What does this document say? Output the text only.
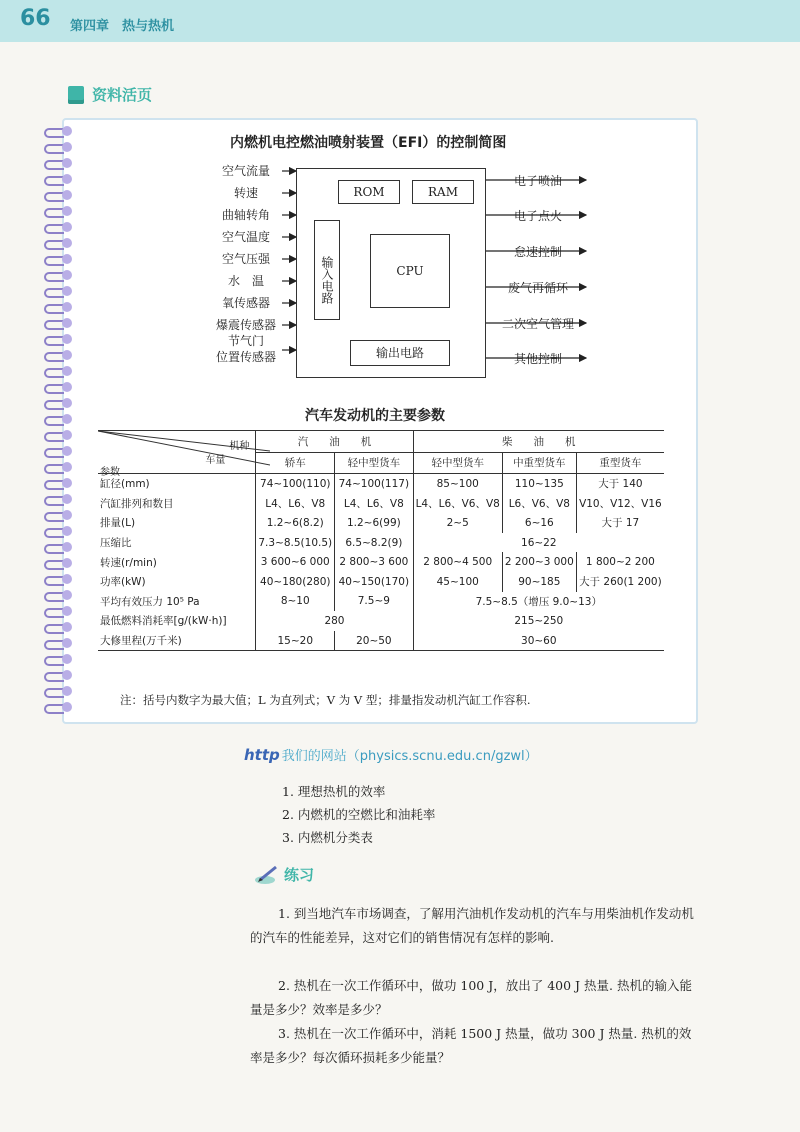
66 第四章　热与热机
资料活页
内燃机电控燃油喷射装置（EFI）的控制简图
ROM	RAM
CPU
输入电路
输出电路
空气流量
转速
曲轴转角
空气温度
空气压强
水　温
氧传感器
爆震传感器
节气门
位置传感器
电子喷油
电子点火
怠速控制
废气再循环
二次空气管理
其他控制
汽车发动机的主要参数
机种
车量
参数	汽　　油　　机		柴　　油　　机		
	轿车	轻中型货车	轻中型货车	中重型货车	重型货车
缸径(mm)	74~100(110)	74~100(117)	85~100	110~135	大于 140
汽缸排列和数目	L4、L6、V8	L4、L6、V8	L4、L6、V6、V8	L6、V6、V8	V10、V12、V16
排量(L)	1.2~6(8.2)	1.2~6(99)	2~5	6~16	大于 17
压缩比	7.3~8.5(10.5)	6.5~8.2(9)	16~22		
转速(r/min)	3 600~6 000	2 800~3 600	2 800~4 500	2 200~3 000	1 800~2 200
功率(kW)	40~180(280)	40~150(170)	45~100	90~185	大于 260(1 200)
平均有效压力 10⁵ Pa	8~10	7.5~9	7.5~8.5（增压 9.0~13）		
最低燃料消耗率[g/(kW·h)]	280		215~250		
大修里程(万千米)	15~20	20~50	30~60		
注：括号内数字为最大值；L 为直列式；V 为 V 型；排量指发动机汽缸工作容积.
http 我们的网站（physics.scnu.edu.cn/gzwl）
1. 理想热机的效率
2. 内燃机的空燃比和油耗率
3. 内燃机分类表
练习
1. 到当地汽车市场调查，了解用汽油机作发动机的汽车与用柴油机作发动机的汽车的性能差异，这对它们的销售情况有怎样的影响.
2. 热机在一次工作循环中，做功 100 J，放出了 400 J 热量. 热机的输入能量是多少？效率是多少？
3. 热机在一次工作循环中，消耗 1500 J 热量，做功 300 J 热量. 热机的效率是多少？每次循环损耗多少能量？
